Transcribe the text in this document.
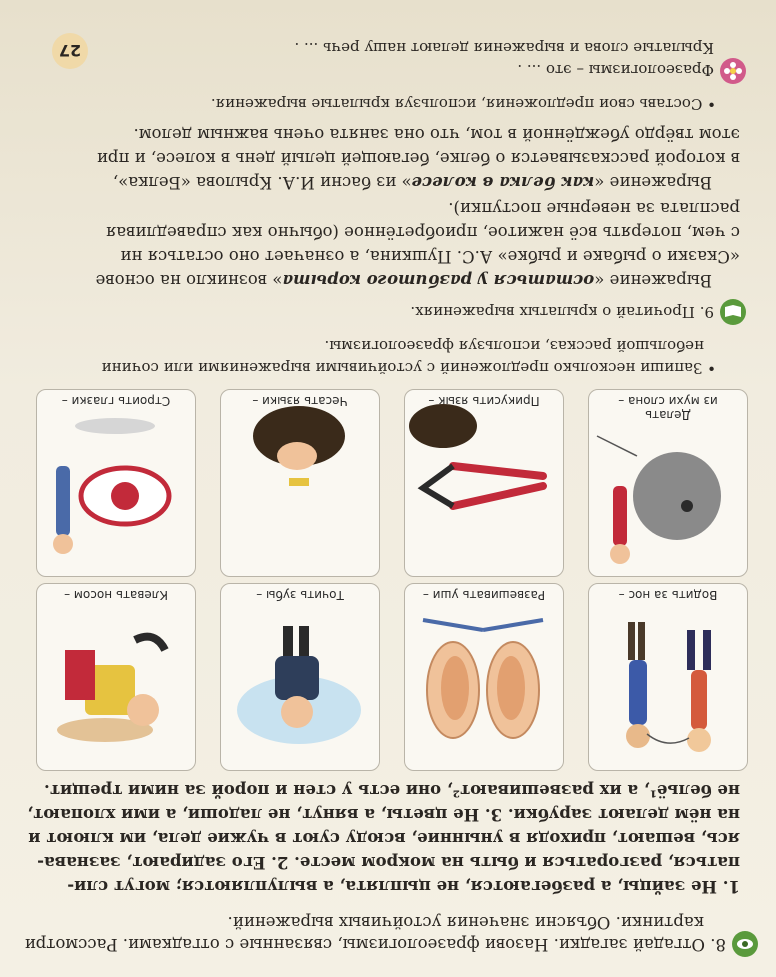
8. Отгадай загадки. Назови фразеологизмы, связанные с отгадками. Рассмотри
картинки. Объясни значения устойчивых выражений.
1. Не зайцы, а разбегаются, не цыплята, а вылупляются; могут сли-
паться, разгораться и быть на мокром месте. 2. Его задирают, зазнава-
ясь, вешают, приходя в унынние, всюду суют в чужие дела, им клюют и
на нём делают зарубки. 3. Не цветы, а вянут, не ладоши, а ими хлопают,
не бельё¹, а их развешивают², они есть у стен и порой за ними трещит.
Водить за нос –
Развешивать уши –
Точить зубы –
Клевать носом –
Делать
из мухи слона –
Прикусить язык –
Чесать языки –
Строить глазки –
• Запиши несколько предложений с устойчивыми выражениями или сочини
небольшой рассказ, используя фразеологизмы.
9. Прочитай о крылатых выражениях.
Выражение «остаться у разбитого корыта» возникло на основе
«Сказки о рыбаке и рыбке» А.С. Пушкина, а означает оно остаться ни
с чем, потерять всё нажитое, приобретённое (обычно как справедливая
расплата за неверные поступки).
Выражение «как белка в колесе» из басни И.А. Крылова «Белка»,
в которой рассказывается о белке, бегающей целый день в колесе, и при
этом твёрдо убеждённой в том, что она занята очень важным делом.
• Составь свои предложения, используя крылатые выражения.
Фразеологизмы – это ... .
Крылатые слова и выражения делают нашу речь ... .
27
